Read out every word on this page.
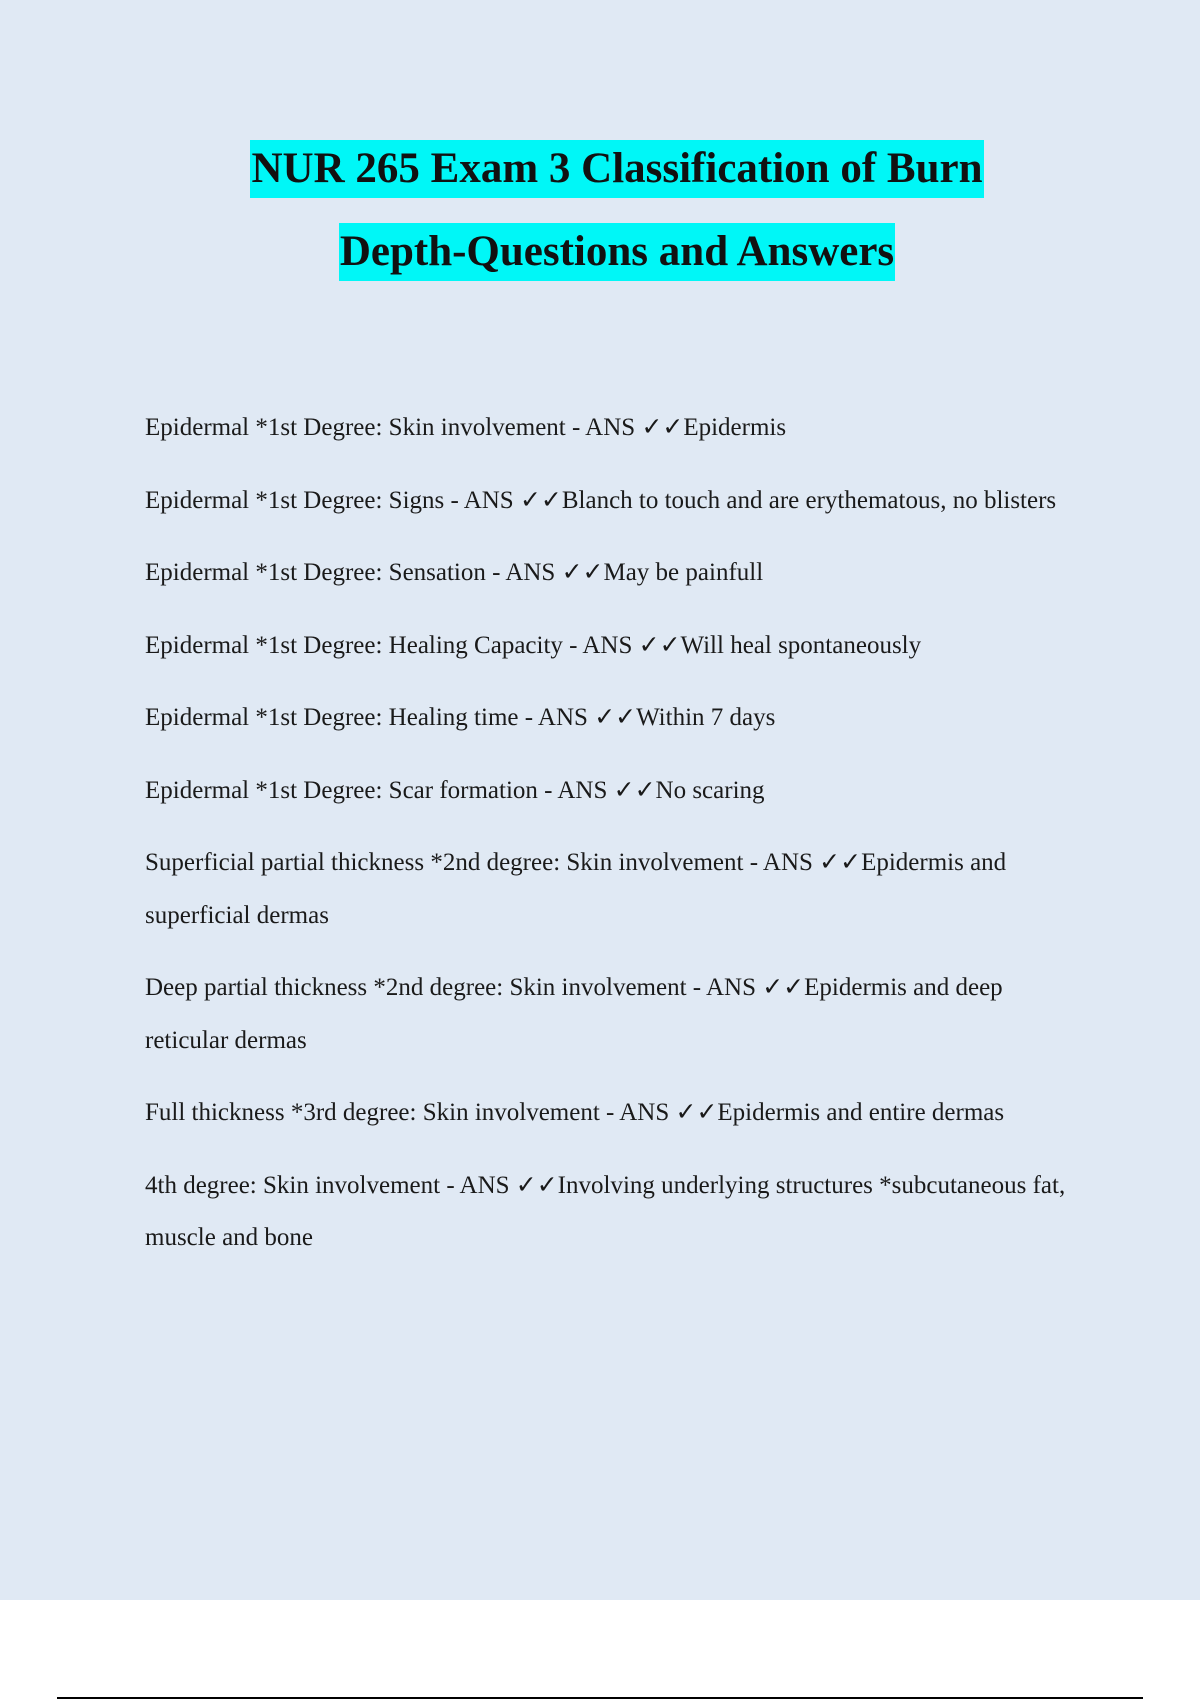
NUR 265 Exam 3 Classification of Burn
Depth-Questions and Answers

Epidermal *1st Degree: Skin involvement - ANS ✓✓Epidermis

Epidermal *1st Degree: Signs - ANS ✓✓Blanch to touch and are erythematous, no blisters

Epidermal *1st Degree: Sensation - ANS ✓✓May be painfull

Epidermal *1st Degree: Healing Capacity - ANS ✓✓Will heal spontaneously

Epidermal *1st Degree: Healing time - ANS ✓✓Within 7 days

Epidermal *1st Degree: Scar formation - ANS ✓✓No scaring

Superficial partial thickness *2nd degree: Skin involvement - ANS ✓✓Epidermis and superficial dermas

Deep partial thickness *2nd degree: Skin involvement - ANS ✓✓Epidermis and deep reticular dermas

Full thickness *3rd degree: Skin involvement - ANS ✓✓Epidermis and entire dermas

4th degree: Skin involvement - ANS ✓✓Involving underlying structures *subcutaneous fat, muscle and bone
